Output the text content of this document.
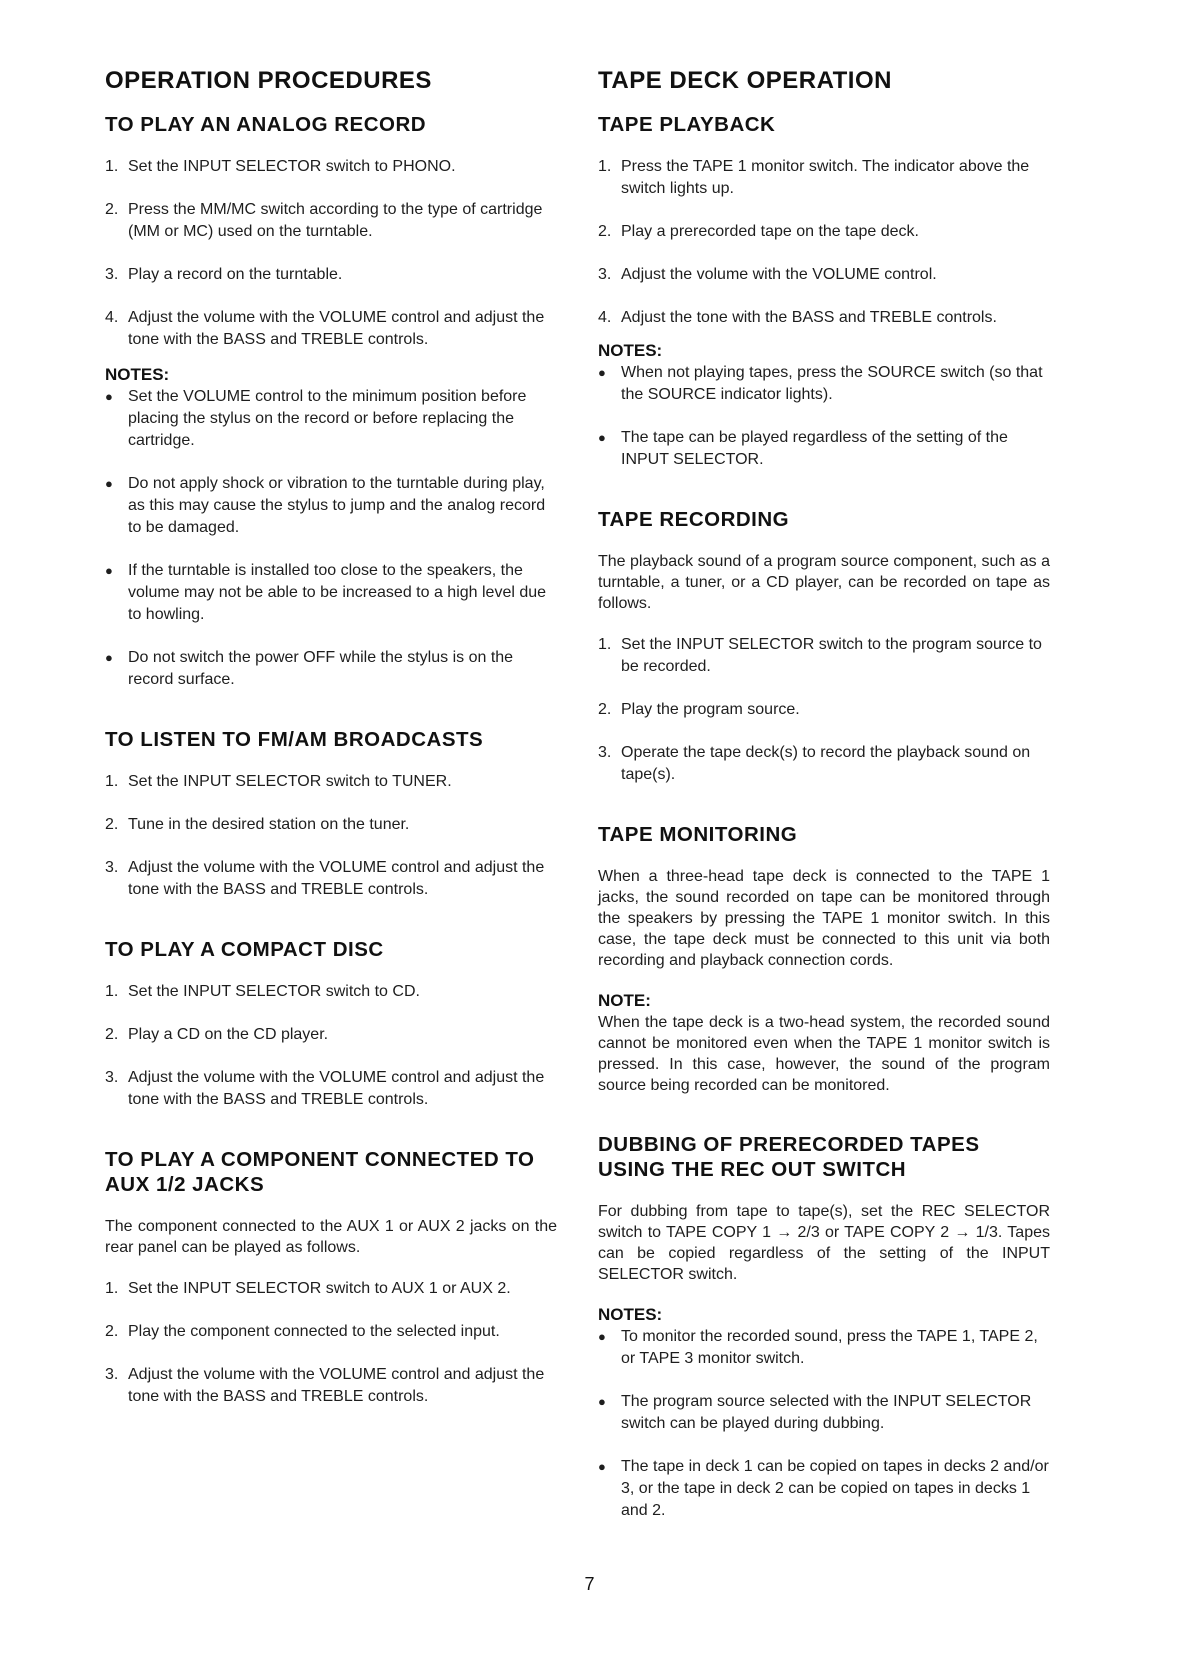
OPERATION PROCEDURES
TO PLAY AN ANALOG RECORD
1. Set the INPUT SELECTOR switch to PHONO.
2. Press the MM/MC switch according to the type of cartridge (MM or MC) used on the turntable.
3. Play a record on the turntable.
4. Adjust the volume with the VOLUME control and adjust the tone with the BASS and TREBLE controls.
NOTES:
● Set the VOLUME control to the minimum position before placing the stylus on the record or before replacing the cartridge.
● Do not apply shock or vibration to the turntable during play, as this may cause the stylus to jump and the analog record to be damaged.
● If the turntable is installed too close to the speakers, the volume may not be able to be increased to a high level due to howling.
● Do not switch the power OFF while the stylus is on the record surface.
TO LISTEN TO FM/AM BROADCASTS
1. Set the INPUT SELECTOR switch to TUNER.
2. Tune in the desired station on the tuner.
3. Adjust the volume with the VOLUME control and adjust the tone with the BASS and TREBLE controls.
TO PLAY A COMPACT DISC
1. Set the INPUT SELECTOR switch to CD.
2. Play a CD on the CD player.
3. Adjust the volume with the VOLUME control and adjust the tone with the BASS and TREBLE controls.
TO PLAY A COMPONENT CONNECTED TO AUX 1/2 JACKS

The component connected to the AUX 1 or AUX 2 jacks on the rear panel can be played as follows.

1. Set the INPUT SELECTOR switch to AUX 1 or AUX 2.
2. Play the component connected to the selected input.
3. Adjust the volume with the VOLUME control and adjust the tone with the BASS and TREBLE controls.
TAPE DECK OPERATION
TAPE PLAYBACK
1. Press the TAPE 1 monitor switch. The indicator above the switch lights up.
2. Play a prerecorded tape on the tape deck.
3. Adjust the volume with the VOLUME control.
4. Adjust the tone with the BASS and TREBLE controls.
NOTES:
● When not playing tapes, press the SOURCE switch (so that the SOURCE indicator lights).
● The tape can be played regardless of the setting of the INPUT SELECTOR.
TAPE RECORDING

The playback sound of a program source component, such as a turntable, a tuner, or a CD player, can be recorded on tape as follows.

1. Set the INPUT SELECTOR switch to the program source to be recorded.
2. Play the program source.
3. Operate the tape deck(s) to record the playback sound on tape(s).
TAPE MONITORING

When a three-head tape deck is connected to the TAPE 1 jacks, the sound recorded on tape can be monitored through the speakers by pressing the TAPE 1 monitor switch. In this case, the tape deck must be connected to this unit via both recording and playback connection cords.

NOTE:

When the tape deck is a two-head system, the recorded sound cannot be monitored even when the TAPE 1 monitor switch is pressed. In this case, however, the sound of the program source being recorded can be monitored.

DUBBING OF PRERECORDED TAPES USING THE REC OUT SWITCH

For dubbing from tape to tape(s), set the REC SELECTOR switch to TAPE COPY 1 → 2/3 or TAPE COPY 2 → 1/3. Tapes can be copied regardless of the setting of the INPUT SELECTOR switch.

NOTES:
● To monitor the recorded sound, press the TAPE 1, TAPE 2, or TAPE 3 monitor switch.
● The program source selected with the INPUT SELECTOR switch can be played during dubbing.
● The tape in deck 1 can be copied on tapes in decks 2 and/or 3, or the tape in deck 2 can be copied on tapes in decks 1 and 2.
7
